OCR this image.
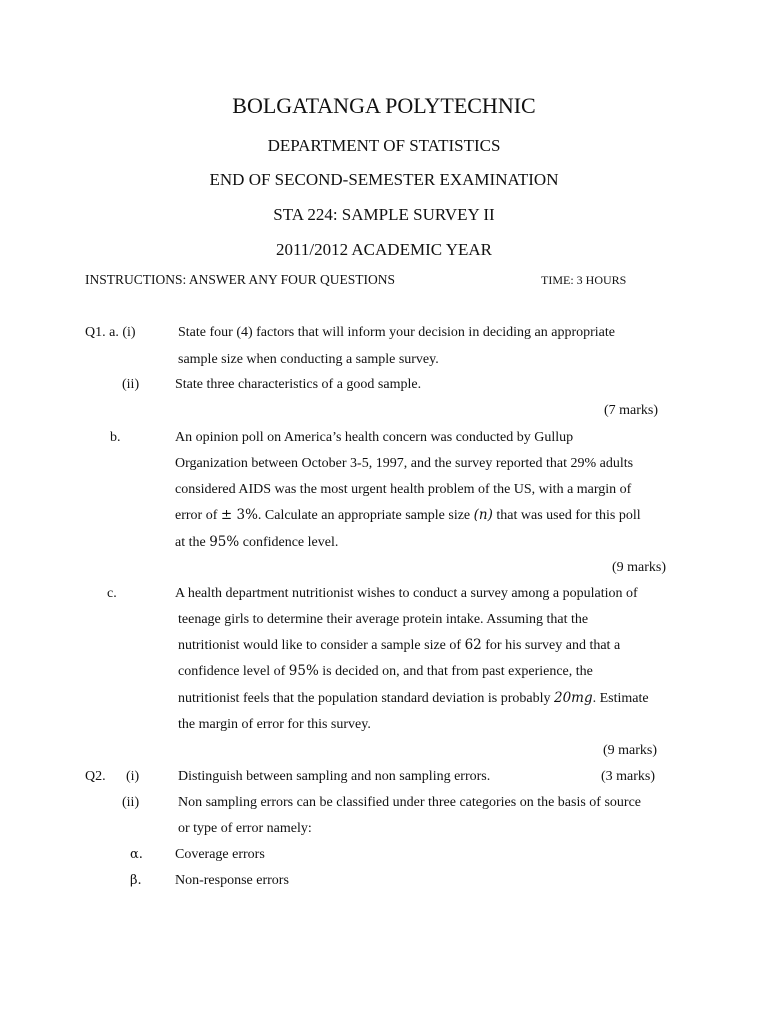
BOLGATANGA POLYTECHNIC
DEPARTMENT OF STATISTICS
END OF SECOND-SEMESTER EXAMINATION
STA 224: SAMPLE SURVEY II
2011/2012 ACADEMIC YEAR
INSTRUCTIONS: ANSWER ANY FOUR QUESTIONS	TIME: 3 HOURS
Q1. a. (i)	State four (4) factors that will inform your decision in deciding an appropriate
sample size when conducting a sample survey.
(ii)	State three characteristics of a good sample.
(7 marks)
b.	An opinion poll on America’s health concern was conducted by Gullup
Organization between October 3-5, 1997, and the survey reported that 29% adults
considered AIDS was the most urgent health problem of the US, with a margin of
error of ± 3%. Calculate an appropriate sample size (n) that was used for this poll
at the 95% confidence level.
(9 marks)
c.	A health department nutritionist wishes to conduct a survey among a population of
teenage girls to determine their average protein intake. Assuming that the
nutritionist would like to consider a sample size of 62 for his survey and that a
confidence level of 95% is decided on, and that from past experience, the
nutritionist feels that the population standard deviation is probably 20mg. Estimate
the margin of error for this survey.
(9 marks)
Q2. (i)	Distinguish between sampling and non sampling errors.	(3 marks)
(ii)	Non sampling errors can be classified under three categories on the basis of source
or type of error namely:
α. Coverage errors
β. Non-response errors
